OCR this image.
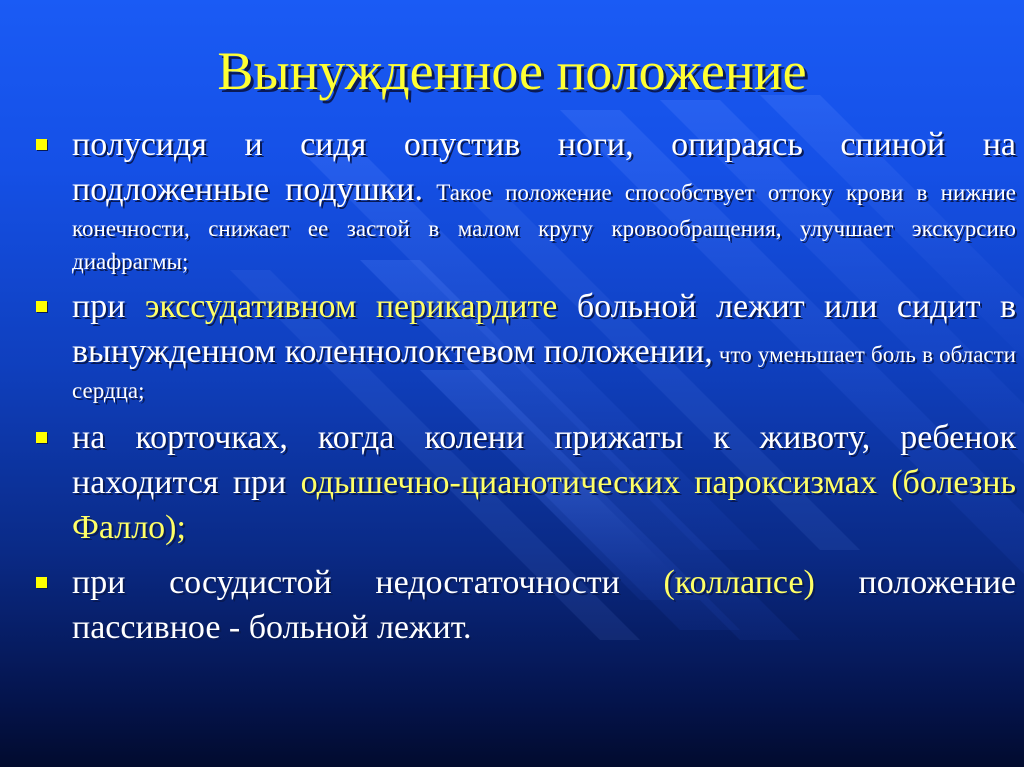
Вынужденное положение
полусидя и сидя опустив ноги, опираясь спиной на подложенные подушки. Такое положение способствует оттоку крови в нижние конечности, снижает ее застой в малом кругу кровообращения, улучшает экскурсию диафрагмы;
при экссудативном перикардите больной лежит или сидит в вынужденном коленнолоктевом положении, что уменьшает боль в области сердца;
на корточках, когда колени прижаты к животу, ребенок находится при одышечно-цианотических пароксизмах (болезнь Фалло);
при сосудистой недостаточности (коллапсе) положение пассивное - больной лежит.
